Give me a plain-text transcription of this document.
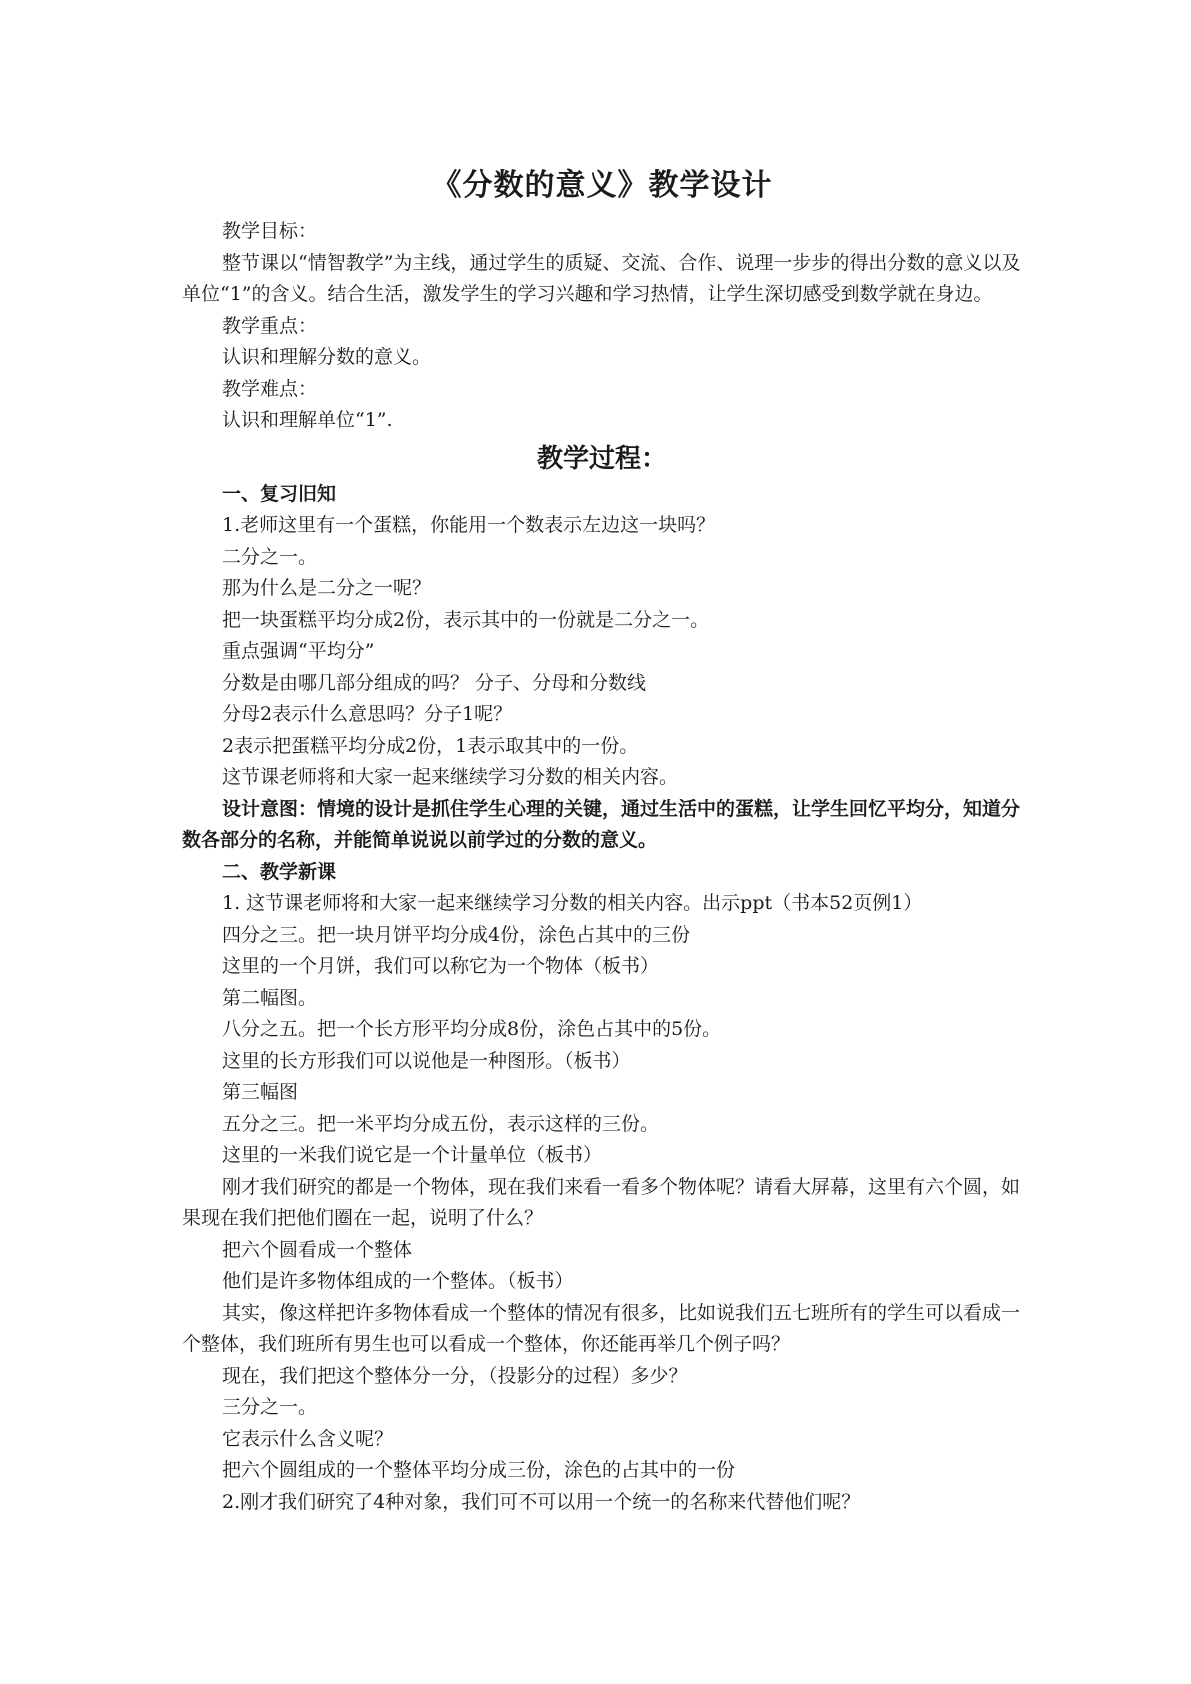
《分数的意义》教学设计

教学目标：

整节课以“情智教学”为主线，通过学生的质疑、交流、合作、说理一步步的得出分数的意义以及单位“1”的含义。结合生活，激发学生的学习兴趣和学习热情，让学生深切感受到数学就在身边。

教学重点：

认识和理解分数的意义。

教学难点：

认识和理解单位“1”.

教学过程：

一、复习旧知

1.老师这里有一个蛋糕，你能用一个数表示左边这一块吗？

二分之一。

那为什么是二分之一呢？

把一块蛋糕平均分成2份，表示其中的一份就是二分之一。

重点强调“平均分”

分数是由哪几部分组成的吗？ 分子、分母和分数线

分母2表示什么意思吗？分子1呢？

2表示把蛋糕平均分成2份，1表示取其中的一份。

这节课老师将和大家一起来继续学习分数的相关内容。

设计意图：情境的设计是抓住学生心理的关键，通过生活中的蛋糕，让学生回忆平均分，知道分数各部分的名称，并能简单说说以前学过的分数的意义。

二、教学新课

1. 这节课老师将和大家一起来继续学习分数的相关内容。出示ppt（书本52页例1）

四分之三。把一块月饼平均分成4份，涂色占其中的三份

这里的一个月饼，我们可以称它为一个物体（板书）

第二幅图。

八分之五。把一个长方形平均分成8份，涂色占其中的5份。

这里的长方形我们可以说他是一种图形。（板书）

第三幅图

五分之三。把一米平均分成五份，表示这样的三份。

这里的一米我们说它是一个计量单位（板书）

刚才我们研究的都是一个物体，现在我们来看一看多个物体呢？请看大屏幕，这里有六个圆，如果现在我们把他们圈在一起，说明了什么？

把六个圆看成一个整体

他们是许多物体组成的一个整体。（板书）

其实，像这样把许多物体看成一个整体的情况有很多，比如说我们五七班所有的学生可以看成一个整体，我们班所有男生也可以看成一个整体，你还能再举几个例子吗？

现在，我们把这个整体分一分，（投影分的过程）多少？

三分之一。

它表示什么含义呢？

把六个圆组成的一个整体平均分成三份，涂色的占其中的一份

2.刚才我们研究了4种对象，我们可不可以用一个统一的名称来代替他们呢？
